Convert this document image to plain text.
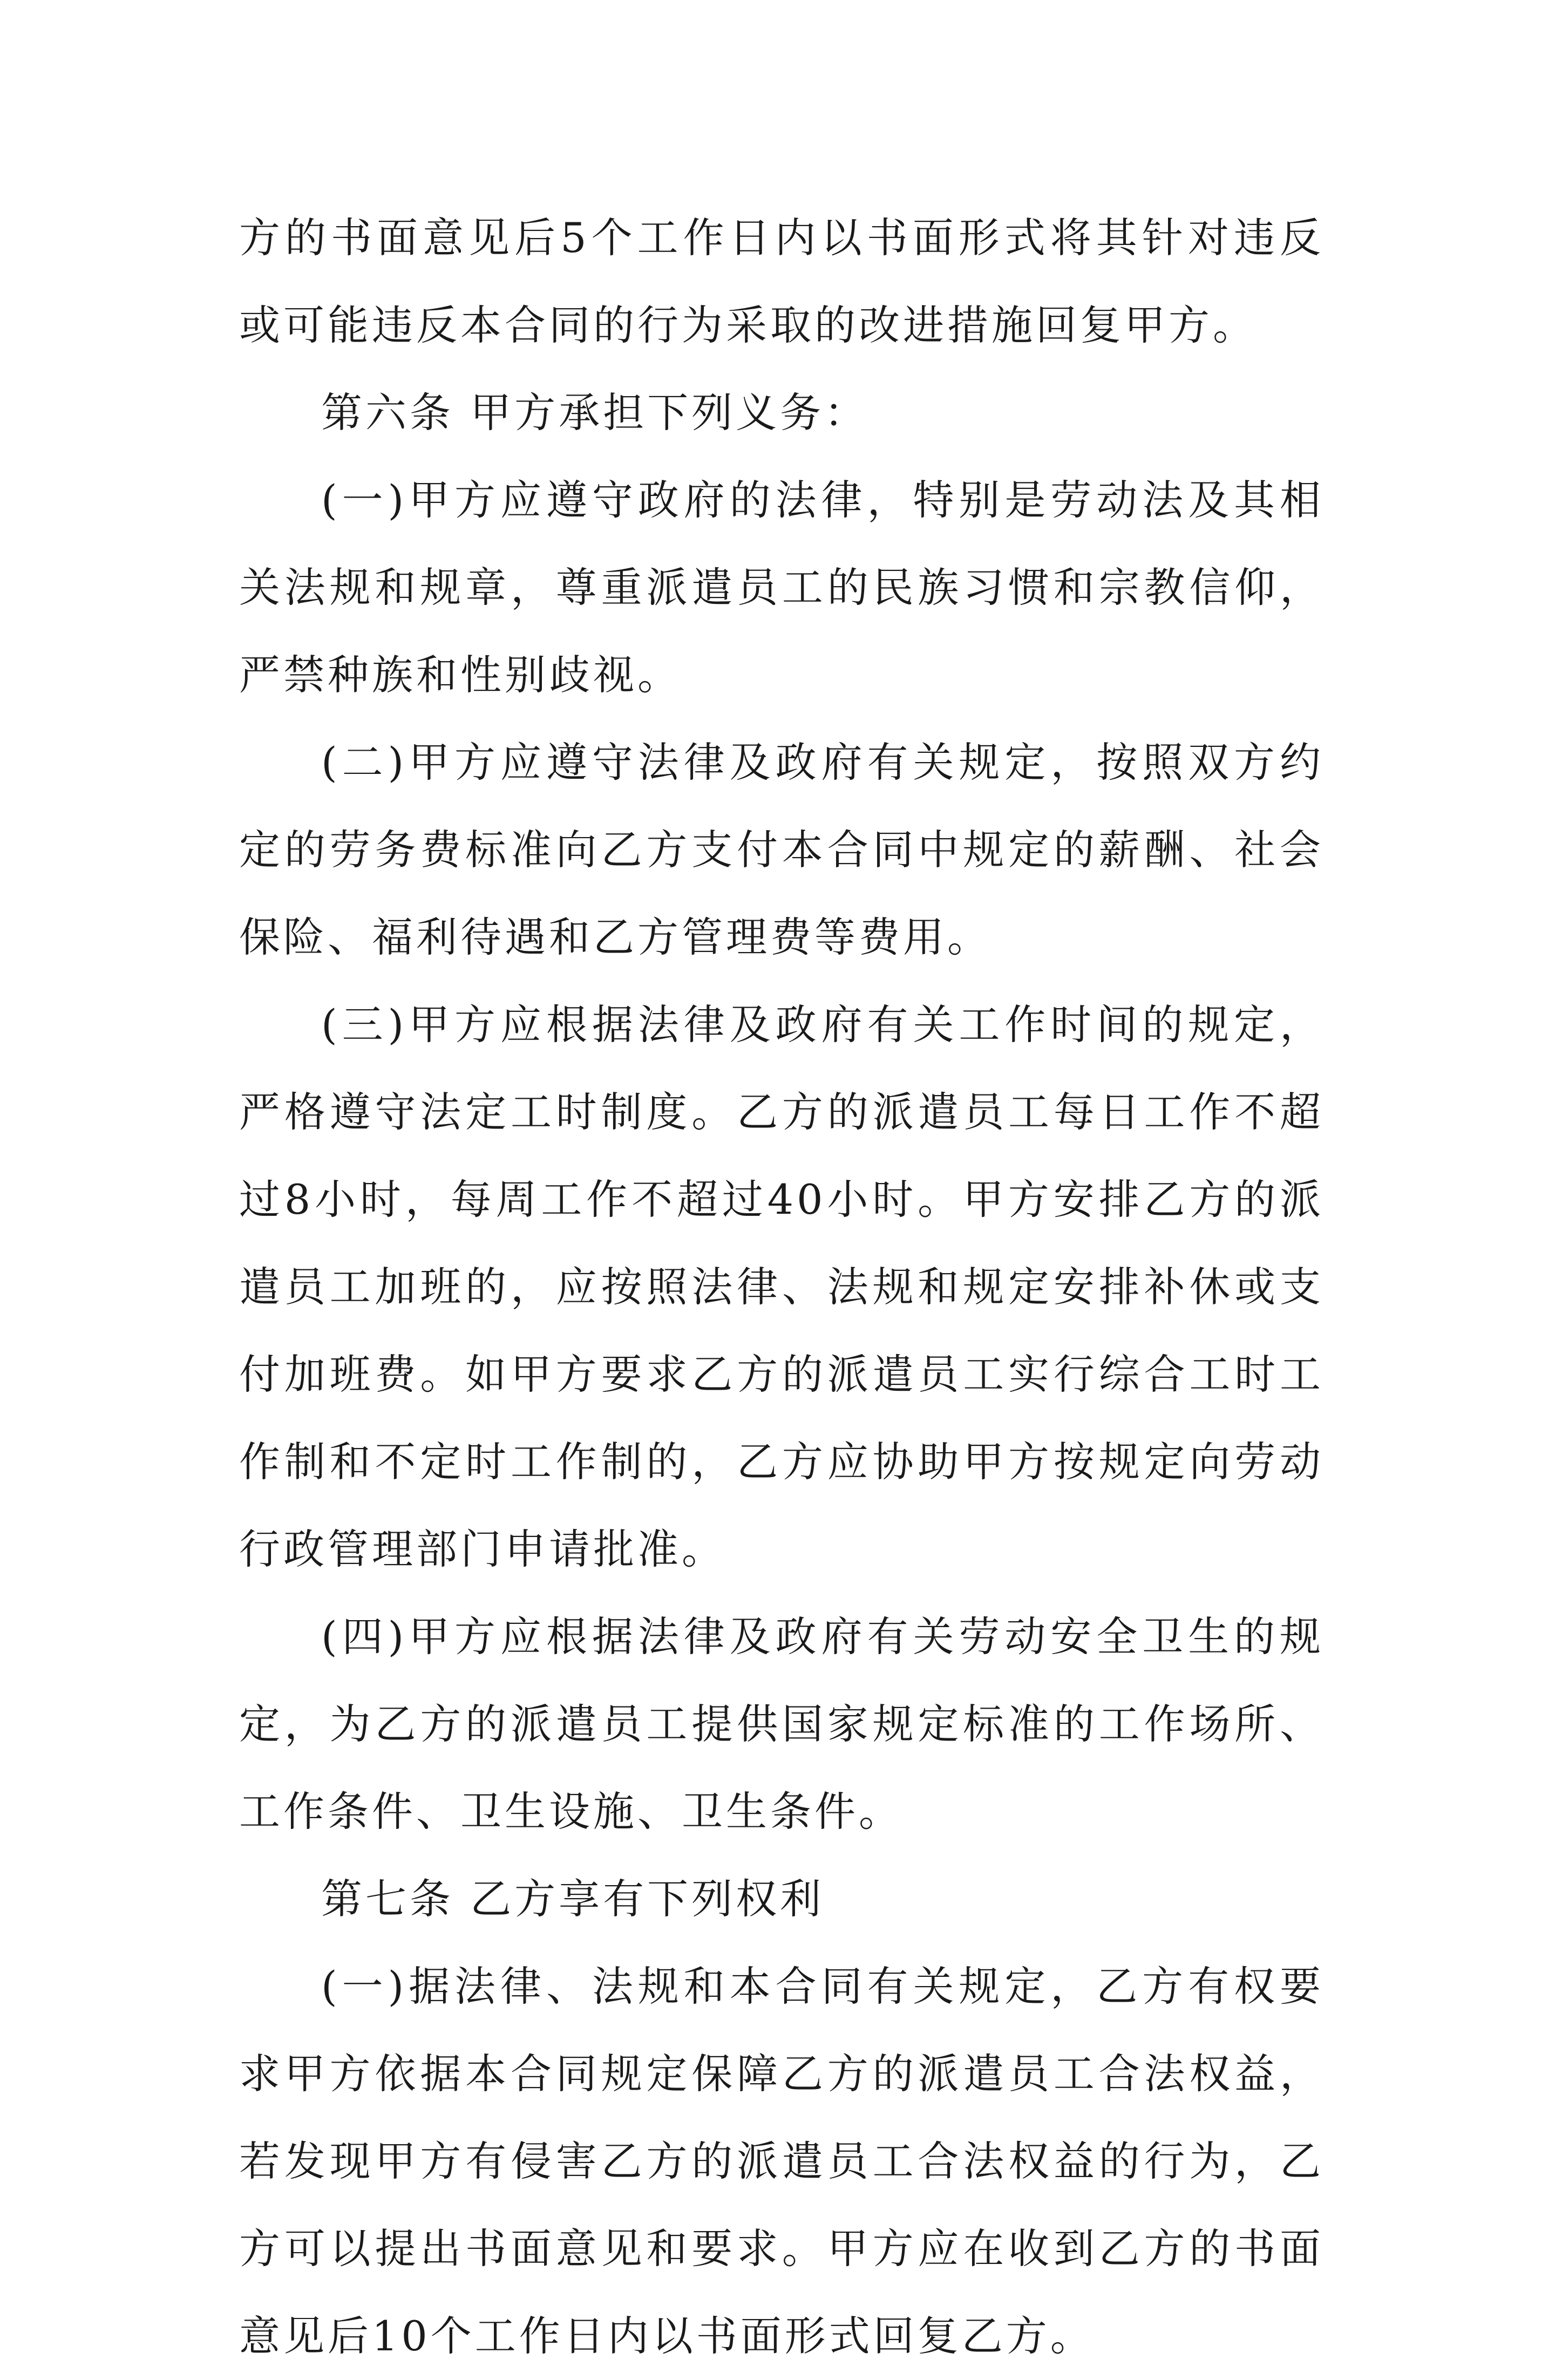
方的书面意见后5个工作日内以书面形式将其针对违反或可能违反本合同的行为采取的改进措施回复甲方。

第六条 甲方承担下列义务：

(一)甲方应遵守政府的法律，特别是劳动法及其相关法规和规章，尊重派遣员工的民族习惯和宗教信仰，严禁种族和性别歧视。

(二)甲方应遵守法律及政府有关规定，按照双方约定的劳务费标准向乙方支付本合同中规定的薪酬、社会保险、福利待遇和乙方管理费等费用。

(三)甲方应根据法律及政府有关工作时间的规定，严格遵守法定工时制度。乙方的派遣员工每日工作不超过8小时，每周工作不超过40小时。甲方安排乙方的派遣员工加班的，应按照法律、法规和规定安排补休或支付加班费。如甲方要求乙方的派遣员工实行综合工时工作制和不定时工作制的，乙方应协助甲方按规定向劳动行政管理部门申请批准。

(四)甲方应根据法律及政府有关劳动安全卫生的规定，为乙方的派遣员工提供国家规定标准的工作场所、工作条件、卫生设施、卫生条件。

第七条 乙方享有下列权利

(一)据法律、法规和本合同有关规定，乙方有权要求甲方依据本合同规定保障乙方的派遣员工合法权益，若发现甲方有侵害乙方的派遣员工合法权益的行为，乙方可以提出书面意见和要求。甲方应在收到乙方的书面意见后10个工作日内以书面形式回复乙方。
